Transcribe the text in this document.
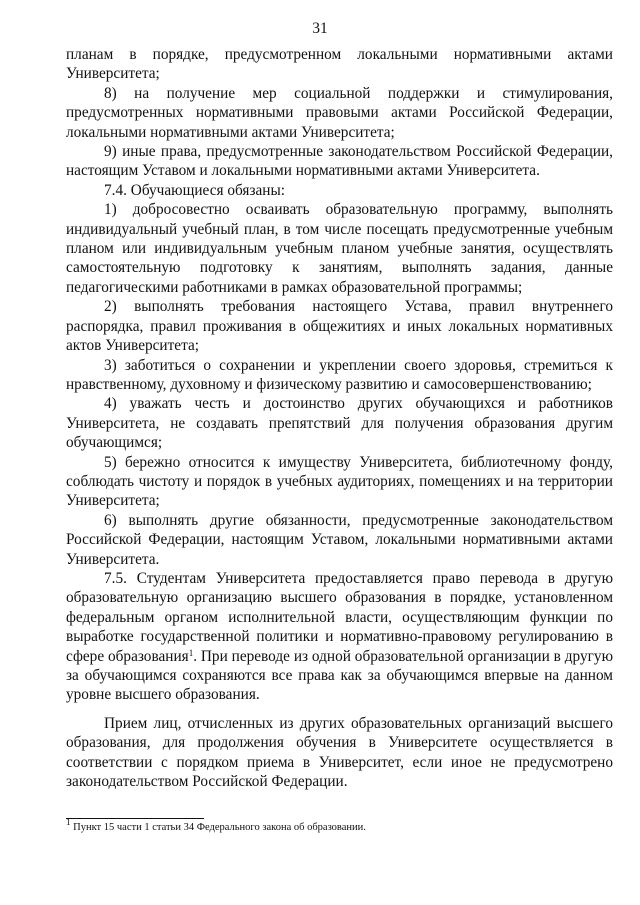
31

планам в порядке, предусмотренном локальными нормативными актами Университета;

8) на получение мер социальной поддержки и стимулирования, предусмотренных нормативными правовыми актами Российской Федерации, локальными нормативными актами Университета;

9) иные права, предусмотренные законодательством Российской Федерации, настоящим Уставом и локальными нормативными актами Университета.

7.4. Обучающиеся обязаны:

1) добросовестно осваивать образовательную программу, выполнять индивидуальный учебный план, в том числе посещать предусмотренные учебным планом или индивидуальным учебным планом учебные занятия, осуществлять самостоятельную подготовку к занятиям, выполнять задания, данные педагогическими работниками в рамках образовательной программы;

2) выполнять требования настоящего Устава, правил внутреннего распорядка, правил проживания в общежитиях и иных локальных нормативных актов Университета;

3) заботиться о сохранении и укреплении своего здоровья, стремиться к нравственному, духовному и физическому развитию и самосовершенствованию;

4) уважать честь и достоинство других обучающихся и работников Университета, не создавать препятствий для получения образования другим обучающимся;

5) бережно относится к имуществу Университета, библиотечному фонду, соблюдать чистоту и порядок в учебных аудиториях, помещениях и на территории Университета;

6) выполнять другие обязанности, предусмотренные законодательством Российской Федерации, настоящим Уставом, локальными нормативными актами Университета.

7.5. Студентам Университета предоставляется право перевода в другую образовательную организацию высшего образования в порядке, установленном федеральным органом исполнительной власти, осуществляющим функции по выработке государственной политики и нормативно-правовому регулированию в сфере образования$^1$. При переводе из одной образовательной организации в другую за обучающимся сохраняются все права как за обучающимся впервые на данном уровне высшего образования.

Прием лиц, отчисленных из других образовательных организаций высшего образования, для продолжения обучения в Университете осуществляется в соответствии с порядком приема в Университет, если иное не предусмотрено законодательством Российской Федерации.

$^1$ Пункт 15 части 1 статьи 34 Федерального закона об образовании.
